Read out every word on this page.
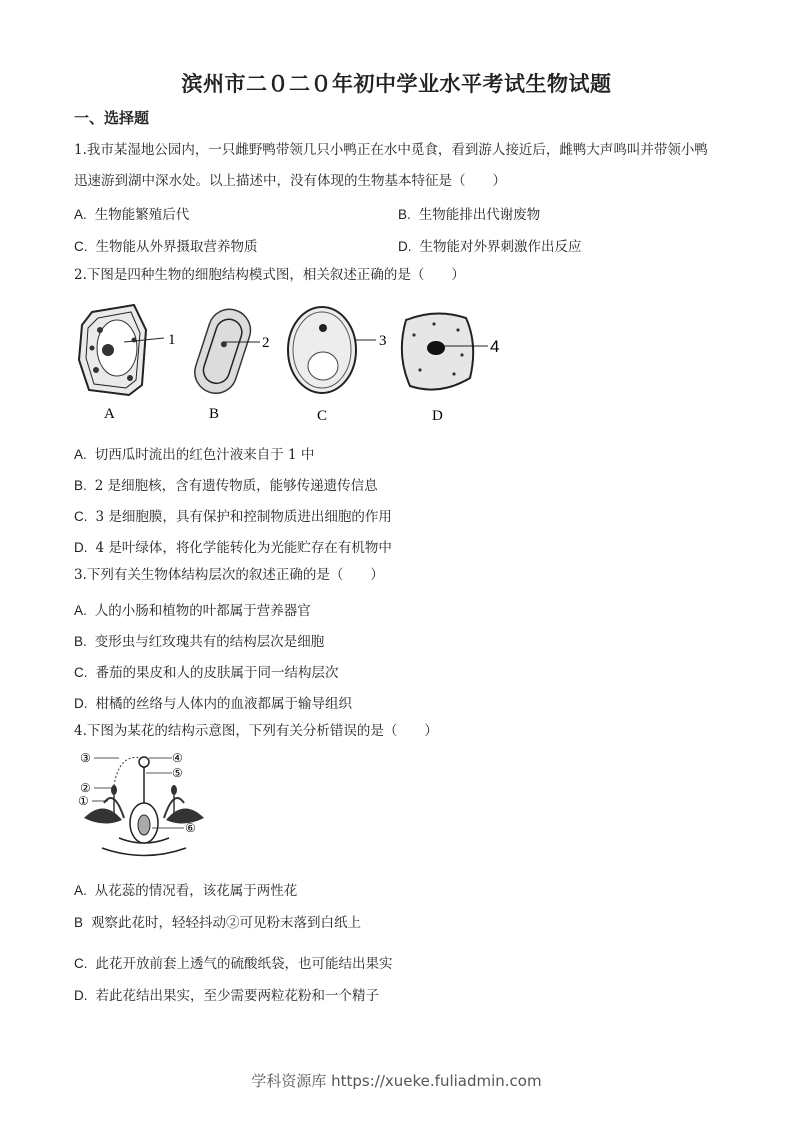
滨州市二０二０年初中学业水平考试生物试题
一、选择题
1.我市某湿地公园内，一只雌野鸭带领几只小鸭正在水中觅食，看到游人接近后，雌鸭大声鸣叫并带领小鸭
迅速游到湖中深水处。以上描述中，没有体现的生物基本特征是（　　）
A. 生物能繁殖后代	B. 生物能排出代谢废物
C. 生物能从外界摄取营养物质	D. 生物能对外界刺激作出反应
2.下图是四种生物的细胞结构模式图，相关叙述正确的是（　　）
1
A
2
B
3
C
4
D
A. 切西瓜时流出的红色汁液来自于 1 中
B. 2 是细胞核，含有遗传物质，能够传递遗传信息
C. 3 是细胞膜，具有保护和控制物质进出细胞的作用
D. 4 是叶绿体，将化学能转化为光能贮存在有机物中
3.下列有关生物体结构层次的叙述正确的是（　　）
A. 人的小肠和植物的叶都属于营养器官
B. 变形虫与红玫瑰共有的结构层次是细胞
C. 番茄的果皮和人的皮肤属于同一结构层次
D. 柑橘的丝络与人体内的血液都属于输导组织
4.下图为某花的结构示意图，下列有关分析错误的是（　　）
③	④
②
⑤
①
⑥
A. 从花蕊的情况看，该花属于两性花
B 观察此花时，轻轻抖动②可见粉末落到白纸上
C. 此花开放前套上透气的硫酸纸袋，也可能结出果实
D. 若此花结出果实，至少需要两粒花粉和一个精子
学科资源库 https://xueke.fuliadmin.com
